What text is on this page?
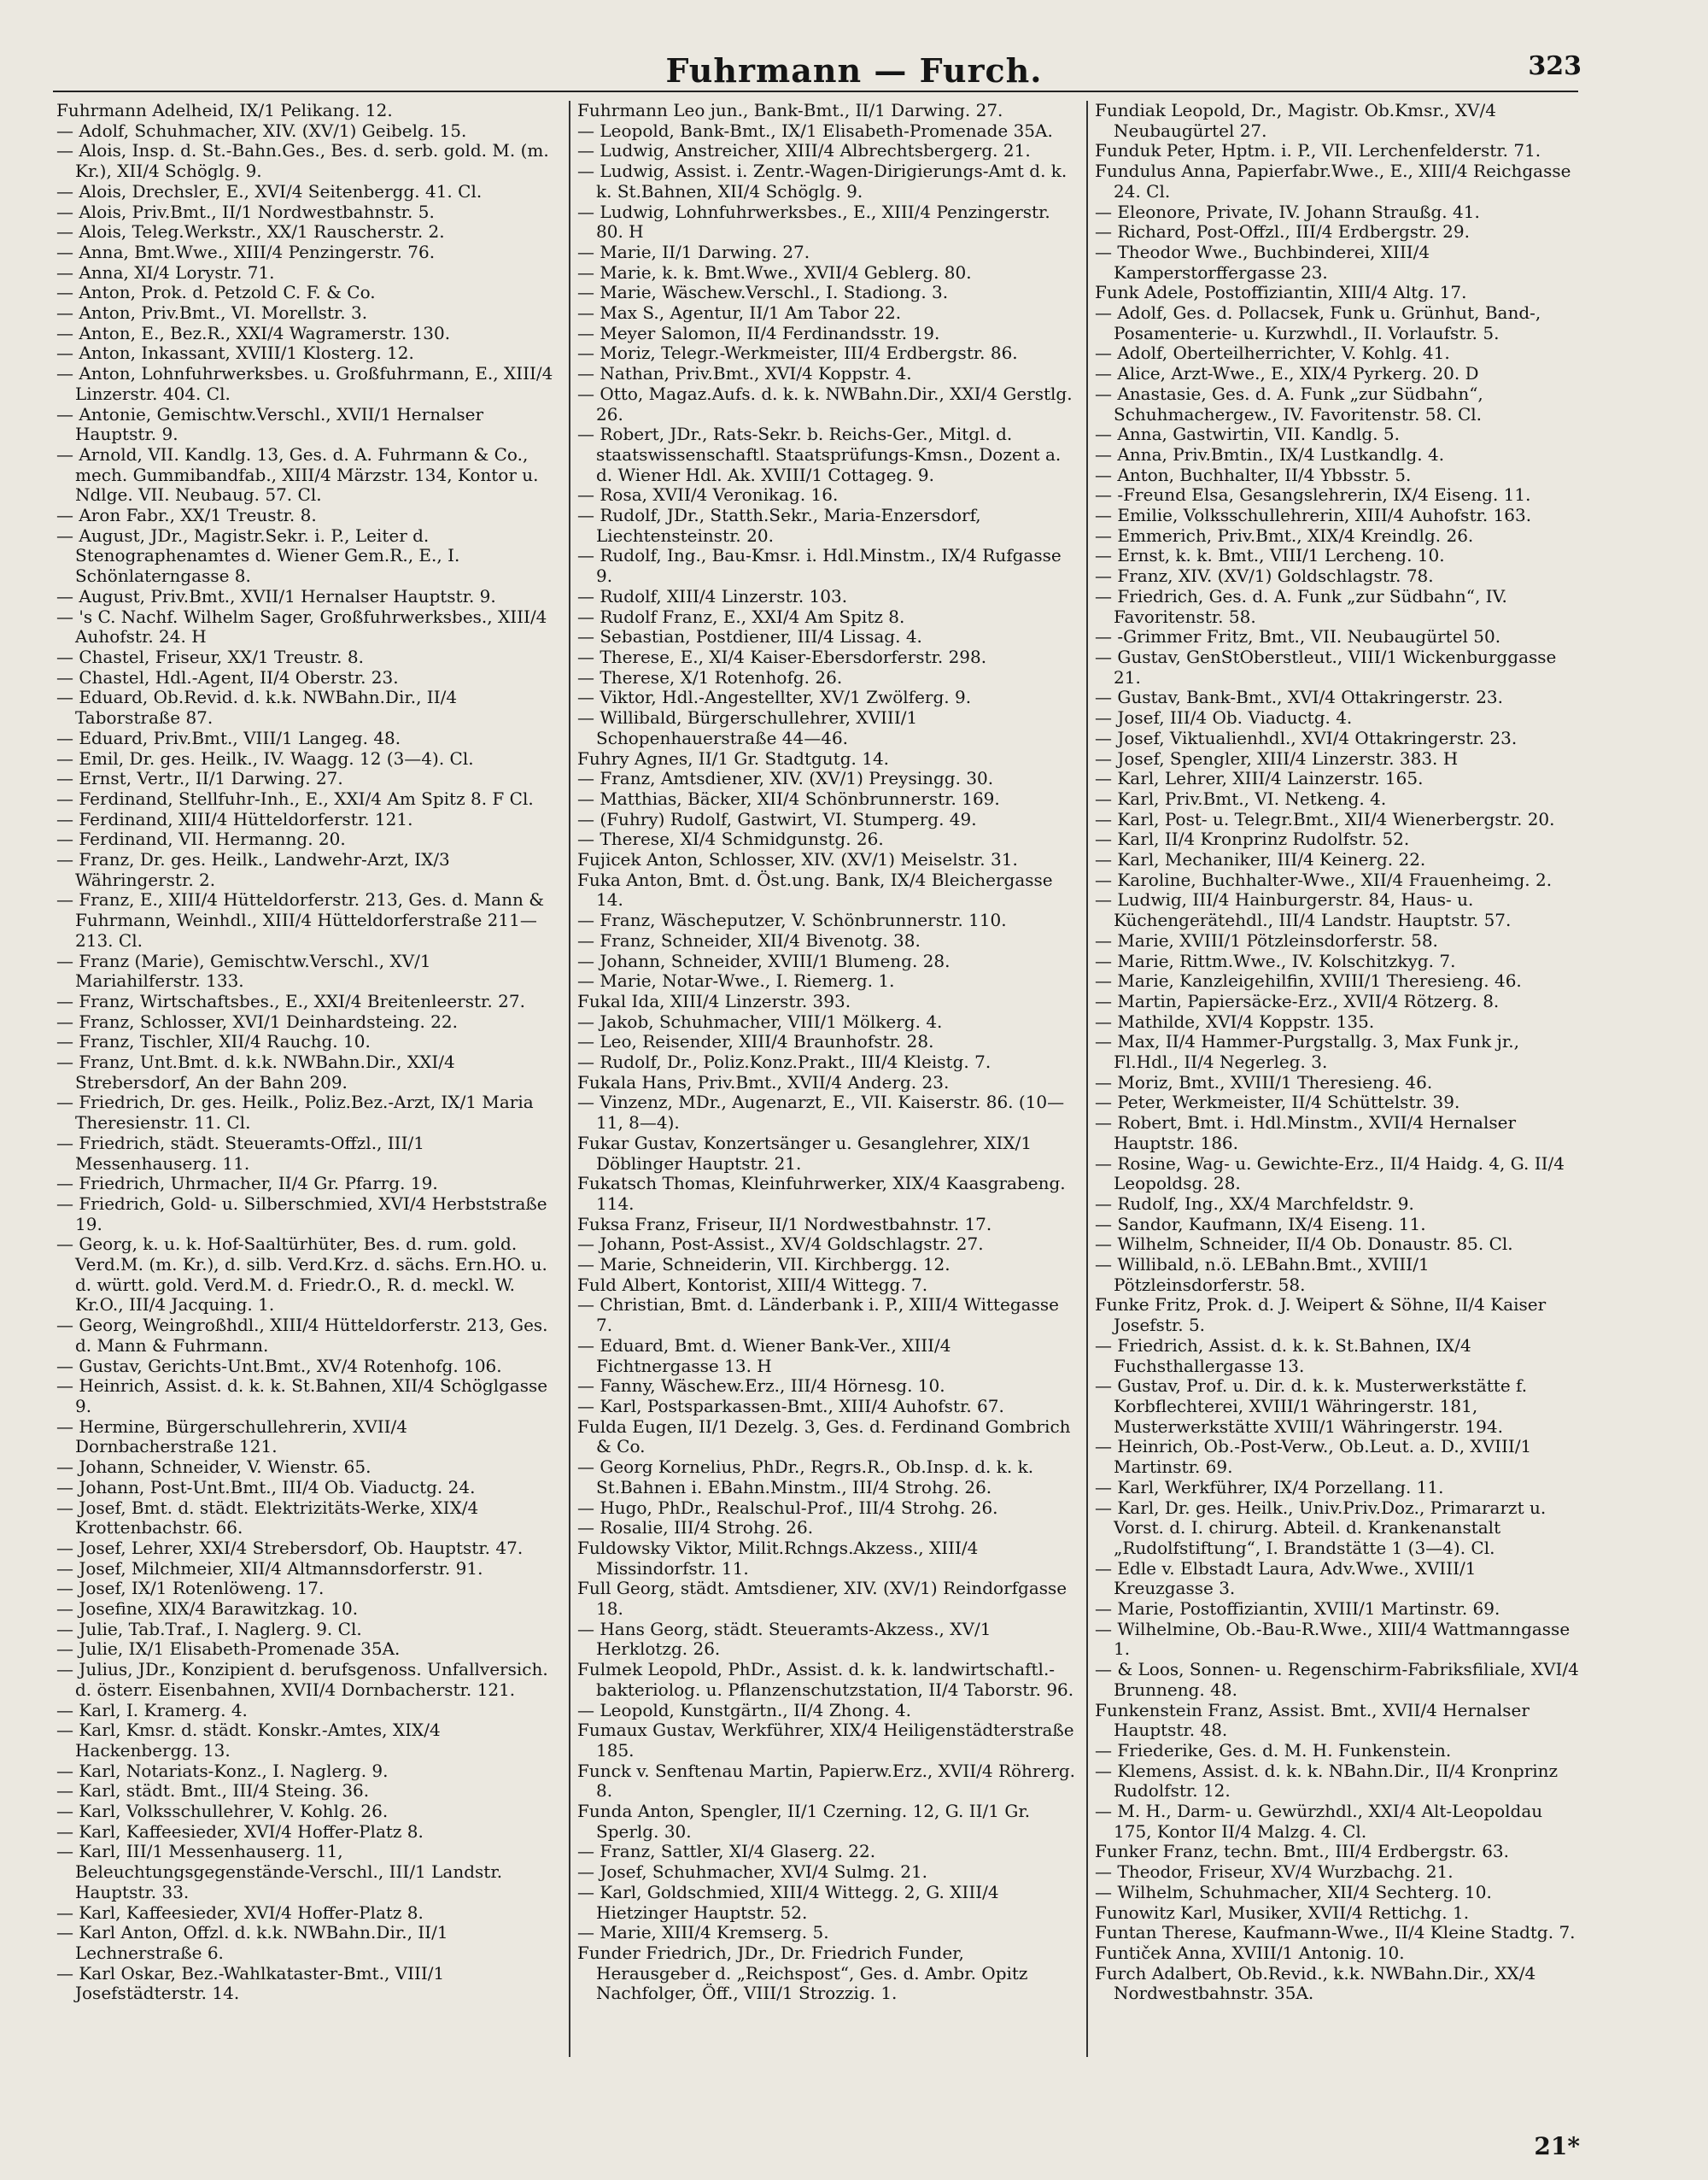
Fuhrmann — Furch.	323
Fuhrmann Adelheid, IX/1 Pelikang. 12.
— Adolf, Schuhmacher, XIV. (XV/1) Geibelg. 15.
— Alois, Insp. d. St.-Bahn.Ges., Bes. d. serb. gold. M. (m. Kr.), XII/4 Schöglg. 9.
— Alois, Drechsler, E., XVI/4 Seitenbergg. 41. Cl.
— Alois, Priv.Bmt., II/1 Nordwestbahnstr. 5.
— Alois, Teleg.Werkstr., XX/1 Rauscherstr. 2.
— Anna, Bmt.Wwe., XIII/4 Penzingerstr. 76.
— Anna, XI/4 Lorystr. 71.
— Anton, Prok. d. Petzold C. F. & Co.
— Anton, Priv.Bmt., VI. Morellstr. 3.
— Anton, E., Bez.R., XXI/4 Wagramerstr. 130.
— Anton, Inkassant, XVIII/1 Klosterg. 12.
— Anton, Lohnfuhrwerksbes. u. Großfuhrmann, E., XIII/4 Linzerstr. 404. Cl.
— Antonie, Gemischtw.Verschl., XVII/1 Hernalser Hauptstr. 9.
— Arnold, VII. Kandlg. 13, Ges. d. A. Fuhrmann & Co., mech. Gummibandfab., XIII/4 Märzstr. 134, Kontor u. Ndlge. VII. Neubaug. 57. Cl.
— Aron Fabr., XX/1 Treustr. 8.
— August, JDr., Magistr.Sekr. i. P., Leiter d. Stenographenamtes d. Wiener Gem.R., E., I. Schönlaterngasse 8.
— August, Priv.Bmt., XVII/1 Hernalser Hauptstr. 9.
— 's C. Nachf. Wilhelm Sager, Großfuhrwerksbes., XIII/4 Auhofstr. 24. H
— Chastel, Friseur, XX/1 Treustr. 8.
— Chastel, Hdl.-Agent, II/4 Oberstr. 23.
— Eduard, Ob.Revid. d. k.k. NWBahn.Dir., II/4 Taborstraße 87.
— Eduard, Priv.Bmt., VIII/1 Langeg. 48.
— Emil, Dr. ges. Heilk., IV. Waagg. 12 (3—4). Cl.
— Ernst, Vertr., II/1 Darwing. 27.
— Ferdinand, Stellfuhr-Inh., E., XXI/4 Am Spitz 8. F Cl.
— Ferdinand, XIII/4 Hütteldorferstr. 121.
— Ferdinand, VII. Hermanng. 20.
— Franz, Dr. ges. Heilk., Landwehr-Arzt, IX/3 Währingerstr. 2.
— Franz, E., XIII/4 Hütteldorferstr. 213, Ges. d. Mann & Fuhrmann, Weinhdl., XIII/4 Hütteldorferstraße 211—213. Cl.
— Franz (Marie), Gemischtw.Verschl., XV/1 Mariahilferstr. 133.
— Franz, Wirtschaftsbes., E., XXI/4 Breitenleerstr. 27.
— Franz, Schlosser, XVI/1 Deinhardsteing. 22.
— Franz, Tischler, XII/4 Rauchg. 10.
— Franz, Unt.Bmt. d. k.k. NWBahn.Dir., XXI/4 Strebersdorf, An der Bahn 209.
— Friedrich, Dr. ges. Heilk., Poliz.Bez.-Arzt, IX/1 Maria Theresienstr. 11. Cl.
— Friedrich, städt. Steueramts-Offzl., III/1 Messenhauserg. 11.
— Friedrich, Uhrmacher, II/4 Gr. Pfarrg. 19.
— Friedrich, Gold- u. Silberschmied, XVI/4 Herbststraße 19.
— Georg, k. u. k. Hof-Saaltürhüter, Bes. d. rum. gold. Verd.M. (m. Kr.), d. silb. Verd.Krz. d. sächs. Ern.HO. u. d. württ. gold. Verd.M. d. Friedr.O., R. d. meckl. W. Kr.O., III/4 Jacquing. 1.
— Georg, Weingroßhdl., XIII/4 Hütteldorferstr. 213, Ges. d. Mann & Fuhrmann.
— Gustav, Gerichts-Unt.Bmt., XV/4 Rotenhofg. 106.
— Heinrich, Assist. d. k. k. St.Bahnen, XII/4 Schöglgasse 9.
— Hermine, Bürgerschullehrerin, XVII/4 Dornbacherstraße 121.
— Johann, Schneider, V. Wienstr. 65.
— Johann, Post-Unt.Bmt., III/4 Ob. Viaductg. 24.
— Josef, Bmt. d. städt. Elektrizitäts-Werke, XIX/4 Krottenbachstr. 66.
— Josef, Lehrer, XXI/4 Strebersdorf, Ob. Hauptstr. 47.
— Josef, Milchmeier, XII/4 Altmannsdorferstr. 91.
— Josef, IX/1 Rotenlöweng. 17.
— Josefine, XIX/4 Barawitzkag. 10.
— Julie, Tab.Traf., I. Naglerg. 9. Cl.
— Julie, IX/1 Elisabeth-Promenade 35A.
— Julius, JDr., Konzipient d. berufsgenoss. Unfallversich. d. österr. Eisenbahnen, XVII/4 Dornbacherstr. 121.
— Karl, I. Kramerg. 4.
— Karl, Kmsr. d. städt. Konskr.-Amtes, XIX/4 Hackenbergg. 13.
— Karl, Notariats-Konz., I. Naglerg. 9.
— Karl, städt. Bmt., III/4 Steing. 36.
— Karl, Volksschullehrer, V. Kohlg. 26.
— Karl, Kaffeesieder, XVI/4 Hoffer-Platz 8.
— Karl, III/1 Messenhauserg. 11, Beleuchtungsgegenstände-Verschl., III/1 Landstr. Hauptstr. 33.
— Karl, Kaffeesieder, XVI/4 Hoffer-Platz 8.
— Karl Anton, Offzl. d. k.k. NWBahn.Dir., II/1 Lechnerstraße 6.
— Karl Oskar, Bez.-Wahlkataster-Bmt., VIII/1 Josefstädterstr. 14.
Fuhrmann Leo jun., Bank-Bmt., II/1 Darwing. 27.
— Leopold, Bank-Bmt., IX/1 Elisabeth-Promenade 35A.
— Ludwig, Anstreicher, XIII/4 Albrechtsbergerg. 21.
— Ludwig, Assist. i. Zentr.-Wagen-Dirigierungs-Amt d. k. k. St.Bahnen, XII/4 Schöglg. 9.
— Ludwig, Lohnfuhrwerksbes., E., XIII/4 Penzingerstr. 80. H
— Marie, II/1 Darwing. 27.
— Marie, k. k. Bmt.Wwe., XVII/4 Geblerg. 80.
— Marie, Wäschew.Verschl., I. Stadiong. 3.
— Max S., Agentur, II/1 Am Tabor 22.
— Meyer Salomon, II/4 Ferdinandsstr. 19.
— Moriz, Telegr.-Werkmeister, III/4 Erdbergstr. 86.
— Nathan, Priv.Bmt., XVI/4 Koppstr. 4.
— Otto, Magaz.Aufs. d. k. k. NWBahn.Dir., XXI/4 Gerstlg. 26.
— Robert, JDr., Rats-Sekr. b. Reichs-Ger., Mitgl. d. staatswissenschaftl. Staatsprüfungs-Kmsn., Dozent a. d. Wiener Hdl. Ak. XVIII/1 Cottageg. 9.
— Rosa, XVII/4 Veronikag. 16.
— Rudolf, JDr., Statth.Sekr., Maria-Enzersdorf, Liechtensteinstr. 20.
— Rudolf, Ing., Bau-Kmsr. i. Hdl.Minstm., IX/4 Rufgasse 9.
— Rudolf, XIII/4 Linzerstr. 103.
— Rudolf Franz, E., XXI/4 Am Spitz 8.
— Sebastian, Postdiener, III/4 Lissag. 4.
— Therese, E., XI/4 Kaiser-Ebersdorferstr. 298.
— Therese, X/1 Rotenhofg. 26.
— Viktor, Hdl.-Angestellter, XV/1 Zwölferg. 9.
— Willibald, Bürgerschullehrer, XVIII/1 Schopenhauerstraße 44—46.
Fuhry Agnes, II/1 Gr. Stadtgutg. 14.
— Franz, Amtsdiener, XIV. (XV/1) Preysingg. 30.
— Matthias, Bäcker, XII/4 Schönbrunnerstr. 169.
— (Fuhry) Rudolf, Gastwirt, VI. Stumperg. 49.
— Therese, XI/4 Schmidgunstg. 26.
Fujicek Anton, Schlosser, XIV. (XV/1) Meiselstr. 31.
Fuka Anton, Bmt. d. Öst.ung. Bank, IX/4 Bleichergasse 14.
— Franz, Wäscheputzer, V. Schönbrunnerstr. 110.
— Franz, Schneider, XII/4 Bivenotg. 38.
— Johann, Schneider, XVIII/1 Blumeng. 28.
— Marie, Notar-Wwe., I. Riemerg. 1.
Fukal Ida, XIII/4 Linzerstr. 393.
— Jakob, Schuhmacher, VIII/1 Mölkerg. 4.
— Leo, Reisender, XIII/4 Braunhofstr. 28.
— Rudolf, Dr., Poliz.Konz.Prakt., III/4 Kleistg. 7.
Fukala Hans, Priv.Bmt., XVII/4 Anderg. 23.
— Vinzenz, MDr., Augenarzt, E., VII. Kaiserstr. 86. (10—11, 8—4).
Fukar Gustav, Konzertsänger u. Gesanglehrer, XIX/1 Döblinger Hauptstr. 21.
Fukatsch Thomas, Kleinfuhrwerker, XIX/4 Kaasgrabeng. 114.
Fuksa Franz, Friseur, II/1 Nordwestbahnstr. 17.
— Johann, Post-Assist., XV/4 Goldschlagstr. 27.
— Marie, Schneiderin, VII. Kirchbergg. 12.
Fuld Albert, Kontorist, XIII/4 Wittegg. 7.
— Christian, Bmt. d. Länderbank i. P., XIII/4 Wittegasse 7.
— Eduard, Bmt. d. Wiener Bank-Ver., XIII/4 Fichtnergasse 13. H
— Fanny, Wäschew.Erz., III/4 Hörnesg. 10.
— Karl, Postsparkassen-Bmt., XIII/4 Auhofstr. 67.
Fulda Eugen, II/1 Dezelg. 3, Ges. d. Ferdinand Gombrich & Co.
— Georg Kornelius, PhDr., Regrs.R., Ob.Insp. d. k. k. St.Bahnen i. EBahn.Minstm., III/4 Strohg. 26.
— Hugo, PhDr., Realschul-Prof., III/4 Strohg. 26.
— Rosalie, III/4 Strohg. 26.
Fuldowsky Viktor, Milit.Rchngs.Akzess., XIII/4 Missindorfstr. 11.
Full Georg, städt. Amtsdiener, XIV. (XV/1) Reindorfgasse 18.
— Hans Georg, städt. Steueramts-Akzess., XV/1 Herklotzg. 26.
Fulmek Leopold, PhDr., Assist. d. k. k. landwirtschaftl.-bakteriolog. u. Pflanzenschutzstation, II/4 Taborstr. 96.
— Leopold, Kunstgärtn., II/4 Zhong. 4.
Fumaux Gustav, Werkführer, XIX/4 Heiligenstädterstraße 185.
Funck v. Senftenau Martin, Papierw.Erz., XVII/4 Röhrerg. 8.
Funda Anton, Spengler, II/1 Czerning. 12, G. II/1 Gr. Sperlg. 30.
— Franz, Sattler, XI/4 Glaserg. 22.
— Josef, Schuhmacher, XVI/4 Sulmg. 21.
— Karl, Goldschmied, XIII/4 Wittegg. 2, G. XIII/4 Hietzinger Hauptstr. 52.
— Marie, XIII/4 Kremserg. 5.
Funder Friedrich, JDr., Dr. Friedrich Funder, Herausgeber d. „Reichspost“, Ges. d. Ambr. Opitz Nachfolger, Öff., VIII/1 Strozzig. 1.
Fundiak Leopold, Dr., Magistr. Ob.Kmsr., XV/4 Neubaugürtel 27.
Funduk Peter, Hptm. i. P., VII. Lerchenfelderstr. 71.
Fundulus Anna, Papierfabr.Wwe., E., XIII/4 Reichgasse 24. Cl.
— Eleonore, Private, IV. Johann Straußg. 41.
— Richard, Post-Offzl., III/4 Erdbergstr. 29.
— Theodor Wwe., Buchbinderei, XIII/4 Kamperstorffergasse 23.
Funk Adele, Postoffiziantin, XIII/4 Altg. 17.
— Adolf, Ges. d. Pollacsek, Funk u. Grünhut, Band-, Posamenterie- u. Kurzwhdl., II. Vorlaufstr. 5.
— Adolf, Oberteilherrichter, V. Kohlg. 41.
— Alice, Arzt-Wwe., E., XIX/4 Pyrkerg. 20. D
— Anastasie, Ges. d. A. Funk „zur Südbahn“, Schuhmachergew., IV. Favoritenstr. 58. Cl.
— Anna, Gastwirtin, VII. Kandlg. 5.
— Anna, Priv.Bmtin., IX/4 Lustkandlg. 4.
— Anton, Buchhalter, II/4 Ybbsstr. 5.
— -Freund Elsa, Gesangslehrerin, IX/4 Eiseng. 11.
— Emilie, Volksschullehrerin, XIII/4 Auhofstr. 163.
— Emmerich, Priv.Bmt., XIX/4 Kreindlg. 26.
— Ernst, k. k. Bmt., VIII/1 Lercheng. 10.
— Franz, XIV. (XV/1) Goldschlagstr. 78.
— Friedrich, Ges. d. A. Funk „zur Südbahn“, IV. Favoritenstr. 58.
— -Grimmer Fritz, Bmt., VII. Neubaugürtel 50.
— Gustav, GenStOberstleut., VIII/1 Wickenburggasse 21.
— Gustav, Bank-Bmt., XVI/4 Ottakringerstr. 23.
— Josef, III/4 Ob. Viaductg. 4.
— Josef, Viktualienhdl., XVI/4 Ottakringerstr. 23.
— Josef, Spengler, XIII/4 Linzerstr. 383. H
— Karl, Lehrer, XIII/4 Lainzerstr. 165.
— Karl, Priv.Bmt., VI. Netkeng. 4.
— Karl, Post- u. Telegr.Bmt., XII/4 Wienerbergstr. 20.
— Karl, II/4 Kronprinz Rudolfstr. 52.
— Karl, Mechaniker, III/4 Keinerg. 22.
— Karoline, Buchhalter-Wwe., XII/4 Frauenheimg. 2.
— Ludwig, III/4 Hainburgerstr. 84, Haus- u. Küchengerätehdl., III/4 Landstr. Hauptstr. 57.
— Marie, XVIII/1 Pötzleinsdorferstr. 58.
— Marie, Rittm.Wwe., IV. Kolschitzkyg. 7.
— Marie, Kanzleigehilfin, XVIII/1 Theresieng. 46.
— Martin, Papiersäcke-Erz., XVII/4 Rötzerg. 8.
— Mathilde, XVI/4 Koppstr. 135.
— Max, II/4 Hammer-Purgstallg. 3, Max Funk jr., Fl.Hdl., II/4 Negerleg. 3.
— Moriz, Bmt., XVIII/1 Theresieng. 46.
— Peter, Werkmeister, II/4 Schüttelstr. 39.
— Robert, Bmt. i. Hdl.Minstm., XVII/4 Hernalser Hauptstr. 186.
— Rosine, Wag- u. Gewichte-Erz., II/4 Haidg. 4, G. II/4 Leopoldsg. 28.
— Rudolf, Ing., XX/4 Marchfeldstr. 9.
— Sandor, Kaufmann, IX/4 Eiseng. 11.
— Wilhelm, Schneider, II/4 Ob. Donaustr. 85. Cl.
— Willibald, n.ö. LEBahn.Bmt., XVIII/1 Pötzleinsdorferstr. 58.
Funke Fritz, Prok. d. J. Weipert & Söhne, II/4 Kaiser Josefstr. 5.
— Friedrich, Assist. d. k. k. St.Bahnen, IX/4 Fuchsthallergasse 13.
— Gustav, Prof. u. Dir. d. k. k. Musterwerkstätte f. Korbflechterei, XVIII/1 Währingerstr. 181, Musterwerkstätte XVIII/1 Währingerstr. 194.
— Heinrich, Ob.-Post-Verw., Ob.Leut. a. D., XVIII/1 Martinstr. 69.
— Karl, Werkführer, IX/4 Porzellang. 11.
— Karl, Dr. ges. Heilk., Univ.Priv.Doz., Primararzt u. Vorst. d. I. chirurg. Abteil. d. Krankenanstalt „Rudolfstiftung“, I. Brandstätte 1 (3—4). Cl.
— Edle v. Elbstadt Laura, Adv.Wwe., XVIII/1 Kreuzgasse 3.
— Marie, Postoffiziantin, XVIII/1 Martinstr. 69.
— Wilhelmine, Ob.-Bau-R.Wwe., XIII/4 Wattmanngasse 1.
— & Loos, Sonnen- u. Regenschirm-Fabriksfiliale, XVI/4 Brunneng. 48.
Funkenstein Franz, Assist. Bmt., XVII/4 Hernalser Hauptstr. 48.
— Friederike, Ges. d. M. H. Funkenstein.
— Klemens, Assist. d. k. k. NBahn.Dir., II/4 Kronprinz Rudolfstr. 12.
— M. H., Darm- u. Gewürzhdl., XXI/4 Alt-Leopoldau 175, Kontor II/4 Malzg. 4. Cl.
Funker Franz, techn. Bmt., III/4 Erdbergstr. 63.
— Theodor, Friseur, XV/4 Wurzbachg. 21.
— Wilhelm, Schuhmacher, XII/4 Sechterg. 10.
Funowitz Karl, Musiker, XVII/4 Rettichg. 1.
Funtan Therese, Kaufmann-Wwe., II/4 Kleine Stadtg. 7.
Funtiček Anna, XVIII/1 Antonig. 10.
Furch Adalbert, Ob.Revid., k.k. NWBahn.Dir., XX/4 Nordwestbahnstr. 35A.
21*
